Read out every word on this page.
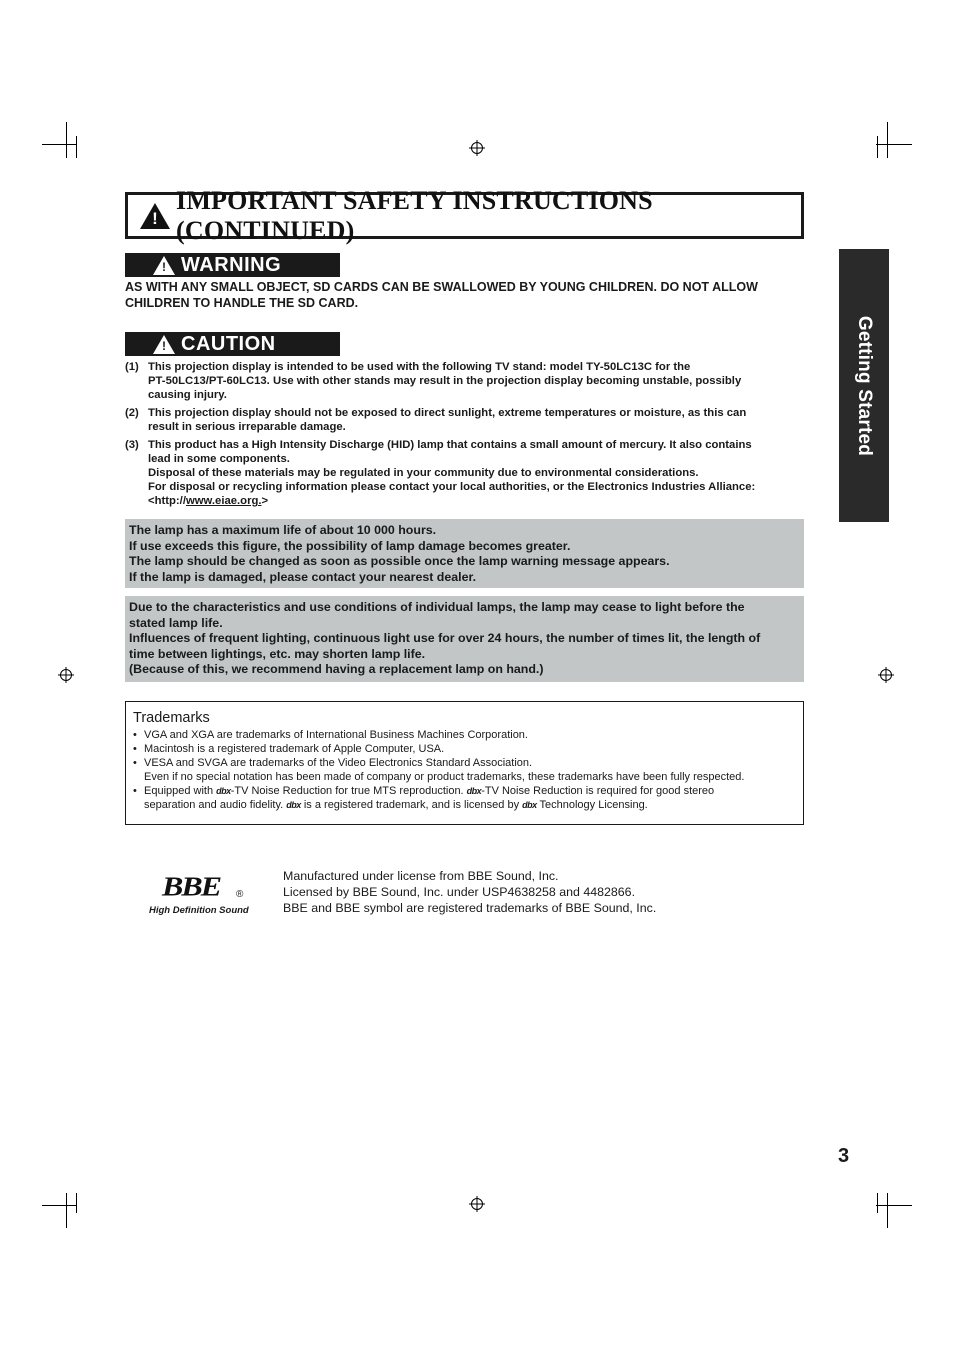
!
IMPORTANT SAFETY INSTRUCTIONS (CONTINUED)
! WARNING
AS WITH ANY SMALL OBJECT, SD CARDS CAN BE SWALLOWED BY YOUNG CHILDREN. DO NOT ALLOW
CHILDREN TO HANDLE THE SD CARD.
! CAUTION
(1) This projection display is intended to be used with the following TV stand: model TY-50LC13C for the
PT-50LC13/PT-60LC13. Use with other stands may result in the projection display becoming unstable, possibly
causing injury.
(2) This projection display should not be exposed to direct sunlight, extreme temperatures or moisture, as this can
result in serious irreparable damage.
(3) This product has a High Intensity Discharge (HID) lamp that contains a small amount of mercury. It also contains
lead in some components.
Disposal of these materials may be regulated in your community due to environmental considerations.
For disposal or recycling information please contact your local authorities, or the Electronics Industries Alliance:
<http://www.eiae.org.>
The lamp has a maximum life of about 10 000 hours.
If use exceeds this figure, the possibility of lamp damage becomes greater.
The lamp should be changed as soon as possible once the lamp warning message appears.
If the lamp is damaged, please contact your nearest dealer.
Due to the characteristics and use conditions of individual lamps, the lamp may cease to light before the
stated lamp life.
Influences of frequent lighting, continuous light use for over 24 hours, the number of times lit, the length of
time between lightings, etc. may shorten lamp life.
(Because of this, we recommend having a replacement lamp on hand.)
Trademarks
• VGA and XGA are trademarks of International Business Machines Corporation.
• Macintosh is a registered trademark of Apple Computer, USA.
• VESA and SVGA are trademarks of the Video Electronics Standard Association.
Even if no special notation has been made of company or product trademarks, these trademarks have been fully respected.
• Equipped with dbx-TV Noise Reduction for true MTS reproduction. dbx-TV Noise Reduction is required for good stereo
separation and audio fidelity. dbx is a registered trademark, and is licensed by dbx Technology Licensing.
Getting Started
BBE ®
High Definition Sound
Manufactured under license from BBE Sound, Inc.
Licensed by BBE Sound, Inc. under USP4638258 and 4482866.
BBE and BBE symbol are registered trademarks of BBE Sound, Inc.
3
